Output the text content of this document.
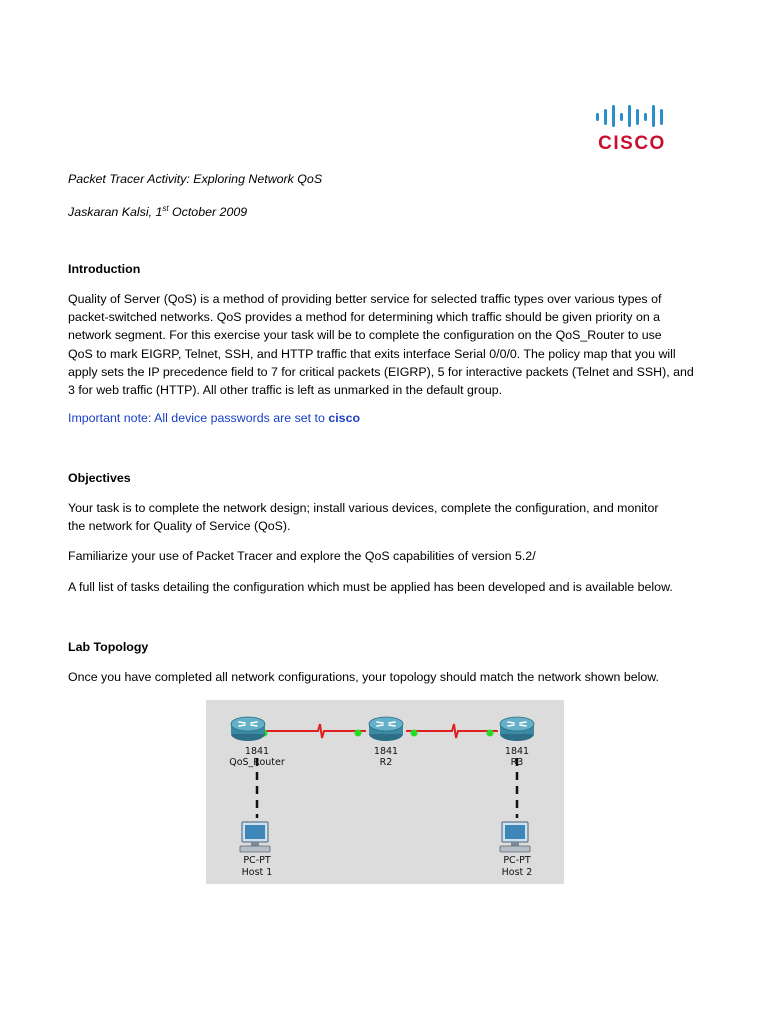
CISCO

Packet Tracer Activity: Exploring Network QoS

Jaskaran Kalsi, 1st October 2009

Introduction

Quality of Server (QoS) is a method of providing better service for selected traffic types over various types of
packet-switched networks. QoS provides a method for determining which traffic should be given priority on a
network segment. For this exercise your task will be to complete the configuration on the QoS_Router to use
QoS to mark EIGRP, Telnet, SSH, and HTTP traffic that exits interface Serial 0/0/0. The policy map that you will
apply sets the IP precedence field to 7 for critical packets (EIGRP), 5 for interactive packets (Telnet and SSH), and
3 for web traffic (HTTP). All other traffic is left as unmarked in the default group.

Important note: All device passwords are set to cisco

Objectives

Your task is to complete the network design; install various devices, complete the configuration, and monitor
the network for Quality of Service (QoS).

Familiarize your use of Packet Tracer and explore the QoS capabilities of version 5.2/

A full list of tasks detailing the configuration which must be applied has been developed and is available below.

Lab Topology

Once you have completed all network configurations, your topology should match the network shown below.

1841
QoS_Router
1841
R2
1841
R3
PC-PT
Host 1
PC-PT
Host 2
